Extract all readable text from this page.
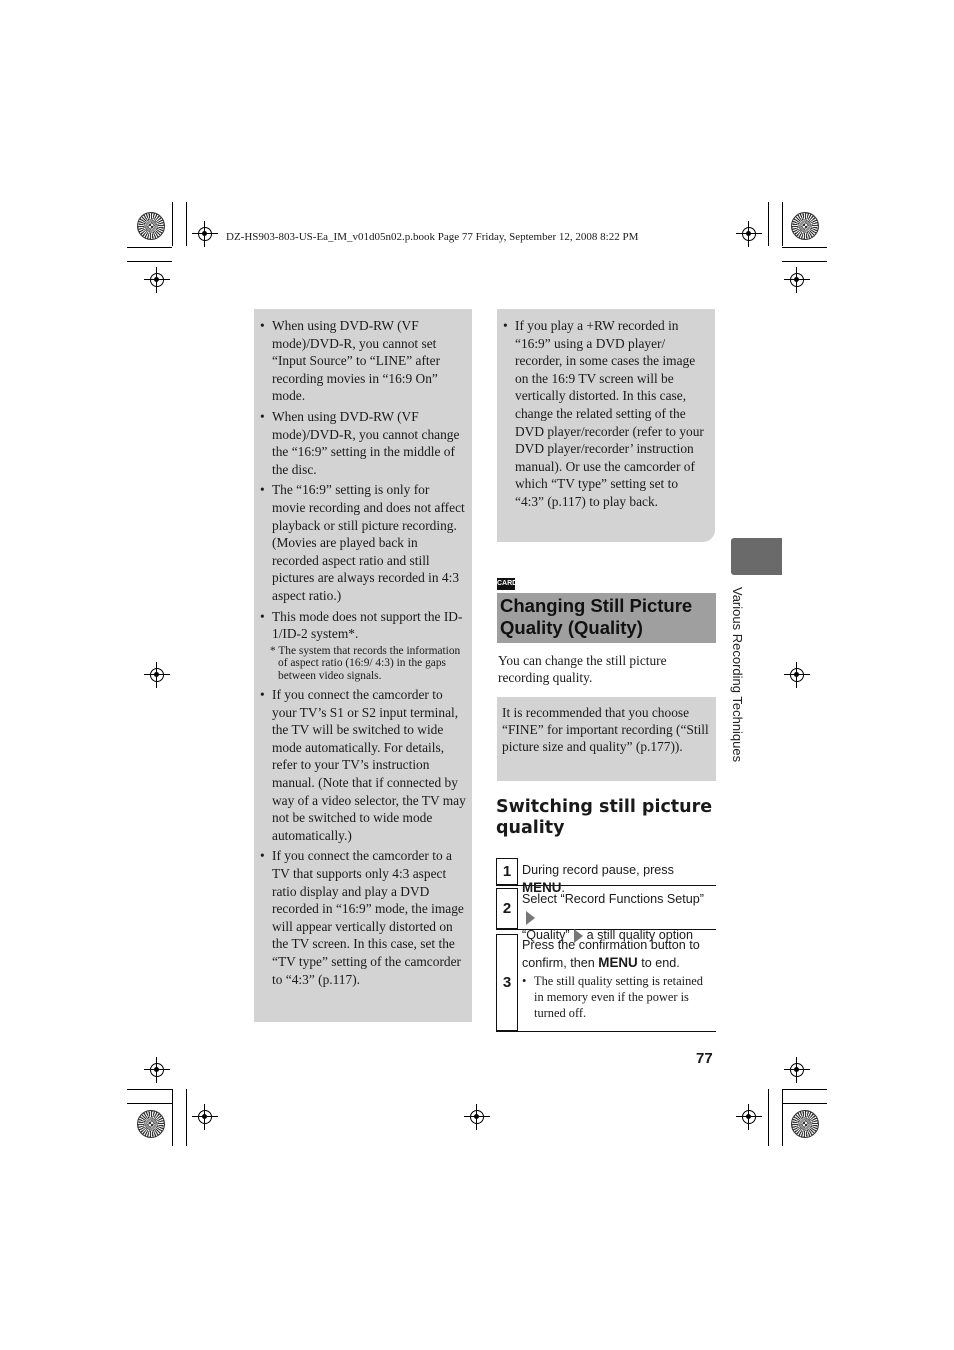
DZ-HS903-803-US-Ea_IM_v01d05n02.p.book Page 77 Friday, September 12, 2008 8:22 PM
• When using DVD-RW (VF mode)/DVD-R, you cannot set “Input Source” to “LINE” after recording movies in “16:9 On” mode.
• When using DVD-RW (VF mode)/DVD-R, you cannot change the “16:9” setting in the middle of the disc.
• The “16:9” setting is only for movie recording and does not affect playback or still picture recording. (Movies are played back in recorded aspect ratio and still pictures are always recorded in 4:3 aspect ratio.)
• This mode does not support the ID-1/ID-2 system*.
* The system that records the information of aspect ratio (16:9/ 4:3) in the gaps between video signals.
• If you connect the camcorder to your TV’s S1 or S2 input terminal, the TV will be switched to wide mode automatically. For details, refer to your TV’s instruction manual. (Note that if connected by way of a video selector, the TV may not be switched to wide mode automatically.)
• If you connect the camcorder to a TV that supports only 4:3 aspect ratio display and play a DVD recorded in “16:9” mode, the image will appear vertically distorted on the TV screen. In this case, set the “TV type” setting of the camcorder to “4:3” (p.117).
• If you play a +RW recorded in “16:9” using a DVD player/ recorder, in some cases the image on the 16:9 TV screen will be vertically distorted. In this case, change the related setting of the DVD player/recorder (refer to your DVD player/recorder’ instruction manual). Or use the camcorder of which “TV type” setting set to “4:3” (p.117) to play back.
CARD
Changing Still Picture Quality (Quality)
You can change the still picture recording quality.
It is recommended that you choose “FINE” for important recording (“Still picture size and quality” (p.177)).
Switching still picture quality
1 During record pause, press MENU.
2
Select “Record Functions Setup”
“Quality” a still quality option
3
Press the confirmation button to confirm, then MENU to end.
• The still quality setting is retained in memory even if the power is turned off.
Various Recording Techniques
77
